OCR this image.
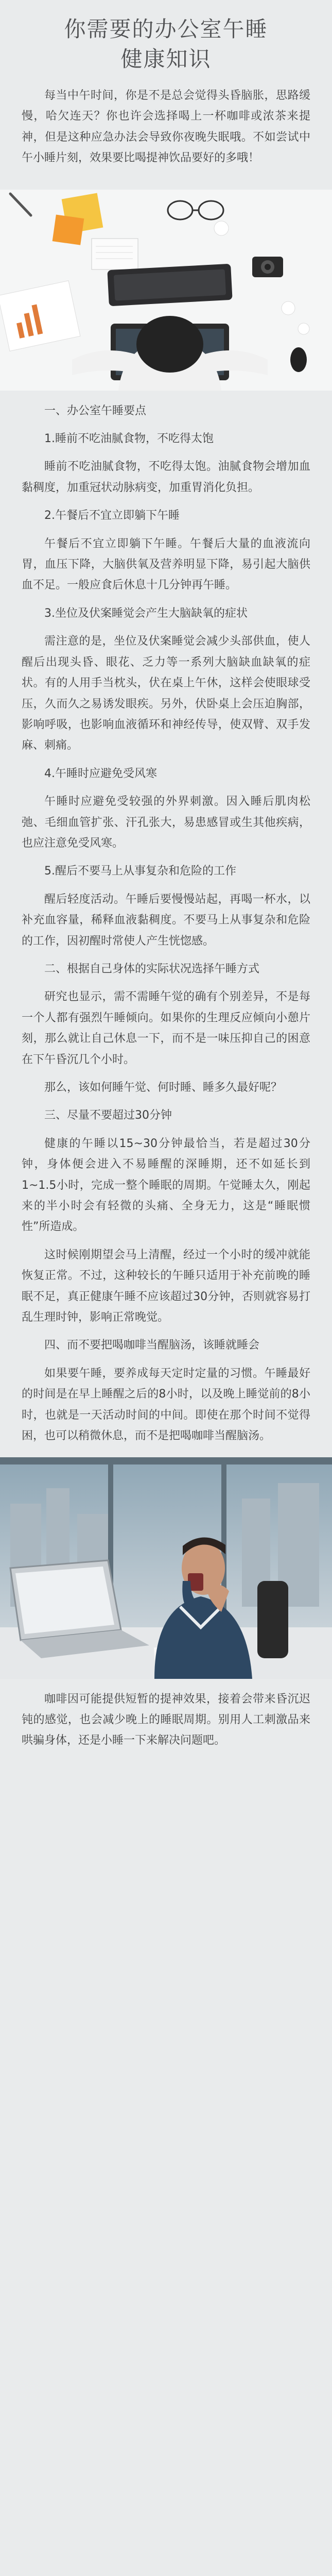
你需要的办公室午睡
健康知识

每当中午时间，你是不是总会觉得头昏脑胀，思路缓慢，哈欠连天？你也许会选择喝上一杯咖啡或浓茶来提神，但是这种应急办法会导致你夜晚失眠哦。不如尝试中午小睡片刻，效果要比喝提神饮品要好的多哦！

一、办公室午睡要点

1.睡前不吃油腻食物，不吃得太饱

睡前不吃油腻食物，不吃得太饱。油腻食物会增加血黏稠度，加重冠状动脉病变，加重胃消化负担。

2.午餐后不宜立即躺下午睡

午餐后不宜立即躺下午睡。午餐后大量的血液流向胃，血压下降，大脑供氧及营养明显下降，易引起大脑供血不足。一般应食后休息十几分钟再午睡。

3.坐位及伏案睡觉会产生大脑缺氧的症状

需注意的是，坐位及伏案睡觉会减少头部供血，使人醒后出现头昏、眼花、乏力等一系列大脑缺血缺氧的症状。有的人用手当枕头，伏在桌上午休，这样会使眼球受压，久而久之易诱发眼疾。另外，伏卧桌上会压迫胸部，影响呼吸，也影响血液循环和神经传导，使双臂、双手发麻、刺痛。

4.午睡时应避免受风寒

午睡时应避免受较强的外界刺激。因入睡后肌肉松弛、毛细血管扩张、汗孔张大，易患感冒或生其他疾病，也应注意免受风寒。

5.醒后不要马上从事复杂和危险的工作

醒后轻度活动。午睡后要慢慢站起，再喝一杯水，以补充血容量，稀释血液黏稠度。不要马上从事复杂和危险的工作，因初醒时常使人产生恍惚感。

二、根据自己身体的实际状况选择午睡方式

研究也显示，需不需睡午觉的确有个别差异，不是每一个人都有强烈午睡倾向。如果你的生理反应倾向小憩片刻，那么就让自己休息一下，而不是一味压抑自己的困意在下午昏沉几个小时。

那么，该如何睡午觉、何时睡、睡多久最好呢？

三、尽量不要超过30分钟

健康的午睡以15~30分钟最恰当，若是超过30分钟，身体便会进入不易睡醒的深睡期，还不如延长到1~1.5小时，完成一整个睡眠的周期。午觉睡太久，刚起来的半小时会有轻微的头痛、全身无力，这是“睡眠惯性”所造成。

这时候刚期望会马上清醒，经过一个小时的缓冲就能恢复正常。不过，这种较长的午睡只适用于补充前晚的睡眠不足，真正健康午睡不应该超过30分钟，否则就容易打乱生理时钟，影响正常晚觉。

四、而不要把喝咖啡当醒脑汤，该睡就睡会

如果要午睡，要养成每天定时定量的习惯。午睡最好的时间是在早上睡醒之后的8小时，以及晚上睡觉前的8小时，也就是一天活动时间的中间。即使在那个时间不觉得困，也可以稍微休息，而不是把喝咖啡当醒脑汤。

咖啡因可能提供短暂的提神效果，接着会带来昏沉迟钝的感觉，也会减少晚上的睡眠周期。别用人工刺激品来哄骗身体，还是小睡一下来解决问题吧。
